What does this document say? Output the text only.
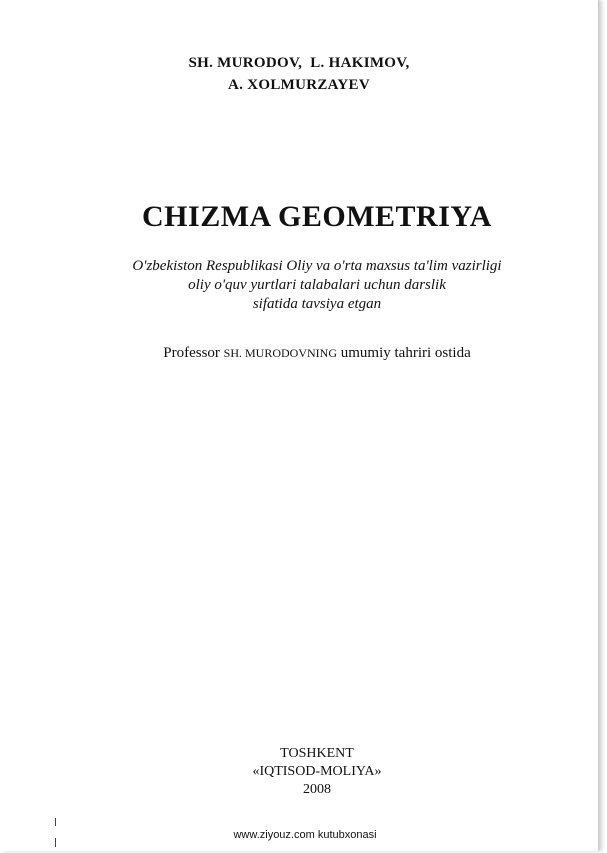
SH. MURODOV, L. HAKIMOV,
A. XOLMURZAYEV
CHIZMA GEOMETRIYA
O'zbekiston Respublikasi Oliy va o'rta maxsus ta'lim vazirligi
oliy o'quv yurtlari talabalari uchun darslik
sifatida tavsiya etgan
Professor SH. MURODOVNING umumiy tahriri ostida
TOSHKENT
«IQTISOD-MOLIYA»
2008
www.ziyouz.com kutubxonasi
